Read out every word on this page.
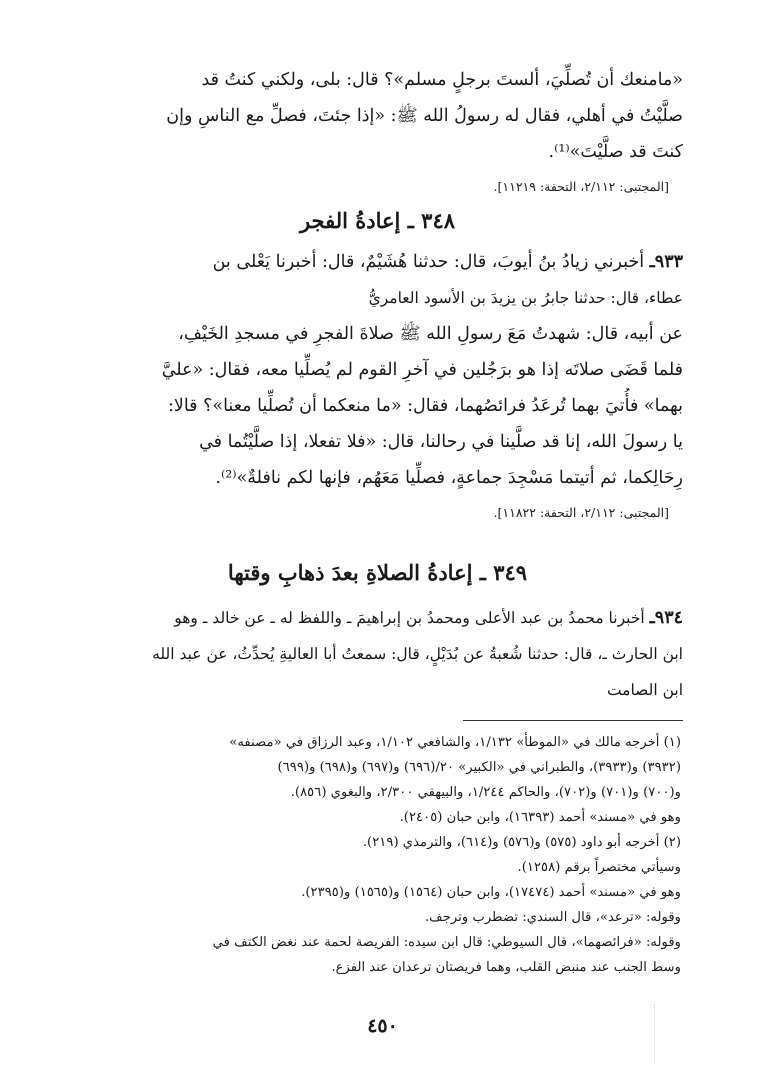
«مامنعك أن تُصلِّيَ، ألستَ برجلٍ مسلم»؟ قال: بلى، ولكني كنتُ قد
صلَّيْتُ في أهلي، فقال له رسولُ الله ﷺ: «إذا جئتَ، فصلِّ مع الناسِ وإن
كنتَ قد صلَّيْتَ»⁽¹⁾.
[المجتبى: ٢/١١٢، التحفة: ١١٢١٩].
٣٤٨ ـ إعادةُ الفجر
٩٣٣ـ أخبرني زيادُ بنُ أيوبَ، قال: حدثنا هُشَيْمٌ، قال: أخبرنا يَعْلى بن
عطاء، قال: حدثنا جابرُ بن يزيدَ بن الأسود العامريُّ
عن أبيه، قال: شهدتُ مَعَ رسولِ الله ﷺ صلاةَ الفجرِ في مسجدِ الخَيْفِ،
فلما قَضَى صلاتَه إذا هو برَجُلين في آخرِ القوم لم يُصلِّيا معه، فقال: «عليَّ
بهما» فأُتيَ بهما تُرعَدُ فرائصُهما، فقال: «ما منعكما أن تُصلِّيا معنا»؟ قالا:
يا رسولَ الله، إنا قد صلَّينا في رحالنا، قال: «فلا تفعلا، إذا صلَّيْتُما في
رِحَالِكما، ثم أتيتما مَسْجِدَ جماعةٍ، فصلِّيا مَعَهُم، فإنها لكم نافلةٌ»⁽²⁾.
[المجتبى: ٢/١١٢، التحفة: ١١٨٢٢].
٣٤٩ ـ إعادةُ الصلاةِ بعدَ ذهابِ وقتها
٩٣٤ـ أخبرنا محمدُ بن عبد الأعلى ومحمدُ بن إبراهيمَ ـ واللفظ له ـ عن خالد ـ وهو
ابن الحارث ـ، قال: حدثنا شُعبةُ عن بُدَيْلٍ، قال: سمعتُ أبا العاليةِ يُحدِّثُ، عن عبد الله
ابن الصامت
(١) أخرجه مالك في «الموطأ» ١/١٣٢، والشافعي ١/١٠٢، وعبد الرزاق في «مصنفه»
(٣٩٣٢) و(٣٩٣٣)، والطبراني في «الكبير» ٢٠/(٦٩٦) و(٦٩٧) و(٦٩٨) و(٦٩٩)
و(٧٠٠) و(٧٠١) و(٧٠٢)، والحاكم ١/٢٤٤، والبيهقي ٢/٣٠٠، والبغوي (٨٥٦).
وهو في «مسند» أحمد (١٦٣٩٣)، وابن حبان (٢٤٠٥).
(٢) أخرجه أبو داود (٥٧٥) و(٥٧٦) و(٦١٤)، والترمذي (٢١٩).
وسيأتي مختصراً برقم (١٢٥٨).
وهو في «مسند» أحمد (١٧٤٧٤)، وابن حبان (١٥٦٤) و(١٥٦٥) و(٢٣٩٥).
وقوله: «ترعد»، قال السندي: تضطرب وترجف.
وقوله: «فرائصهما»، قال السيوطي: قال ابن سيده: الفريصة لحمة عند نغض الكتف في
وسط الجنب عند منبض القلب، وهما فريصتان ترعدان عند الفزع.
٤٥٠
